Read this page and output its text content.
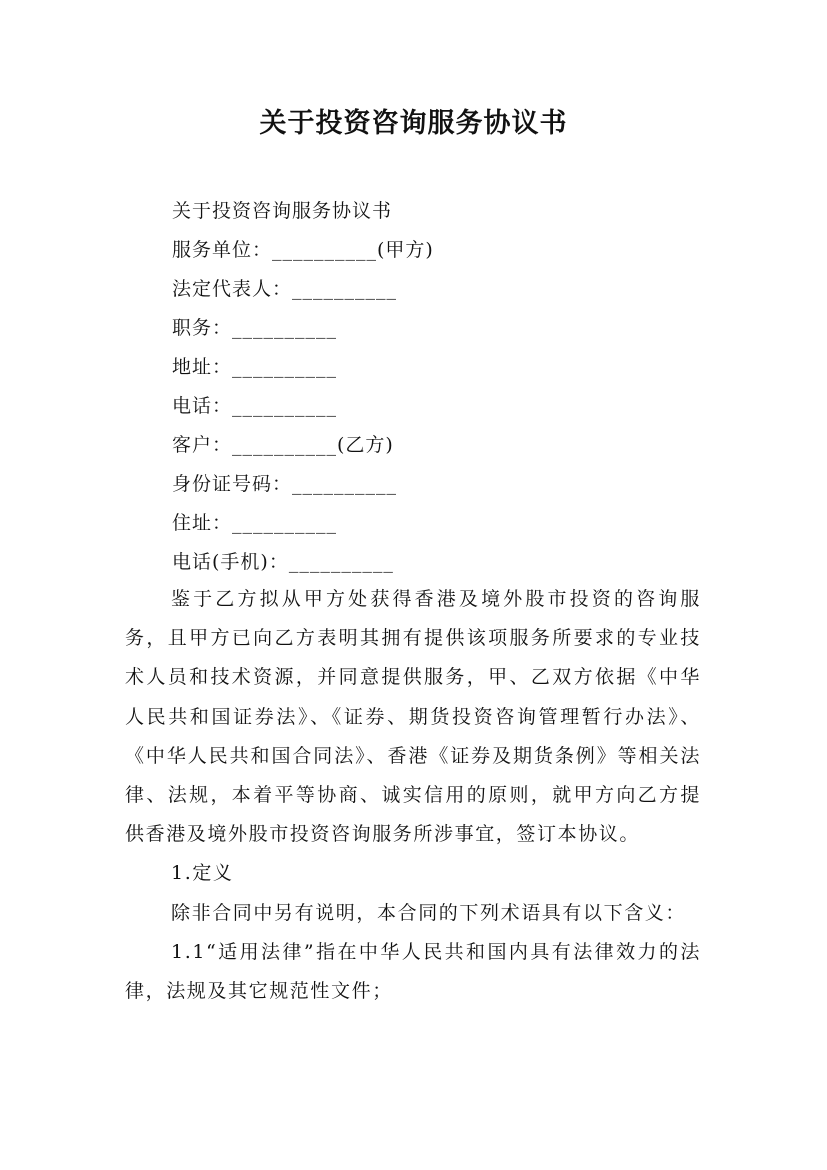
关于投资咨询服务协议书
关于投资咨询服务协议书
服务单位：__________(甲方)
法定代表人：__________
职务：__________
地址：__________
电话：__________
客户：__________(乙方)
身份证号码：__________
住址：__________
电话(手机)：__________

鉴于乙方拟从甲方处获得香港及境外股市投资的咨询服务，且甲方已向乙方表明其拥有提供该项服务所要求的专业技术人员和技术资源，并同意提供服务，甲、乙双方依据《中华人民共和国证券法》、《证券、期货投资咨询管理暂行办法》、《中华人民共和国合同法》、香港《证券及期货条例》等相关法律、法规，本着平等协商、诚实信用的原则，就甲方向乙方提供香港及境外股市投资咨询服务所涉事宜，签订本协议。

1.定义

除非合同中另有说明，本合同的下列术语具有以下含义：

1.1“适用法律”指在中华人民共和国内具有法律效力的法律，法规及其它规范性文件；
